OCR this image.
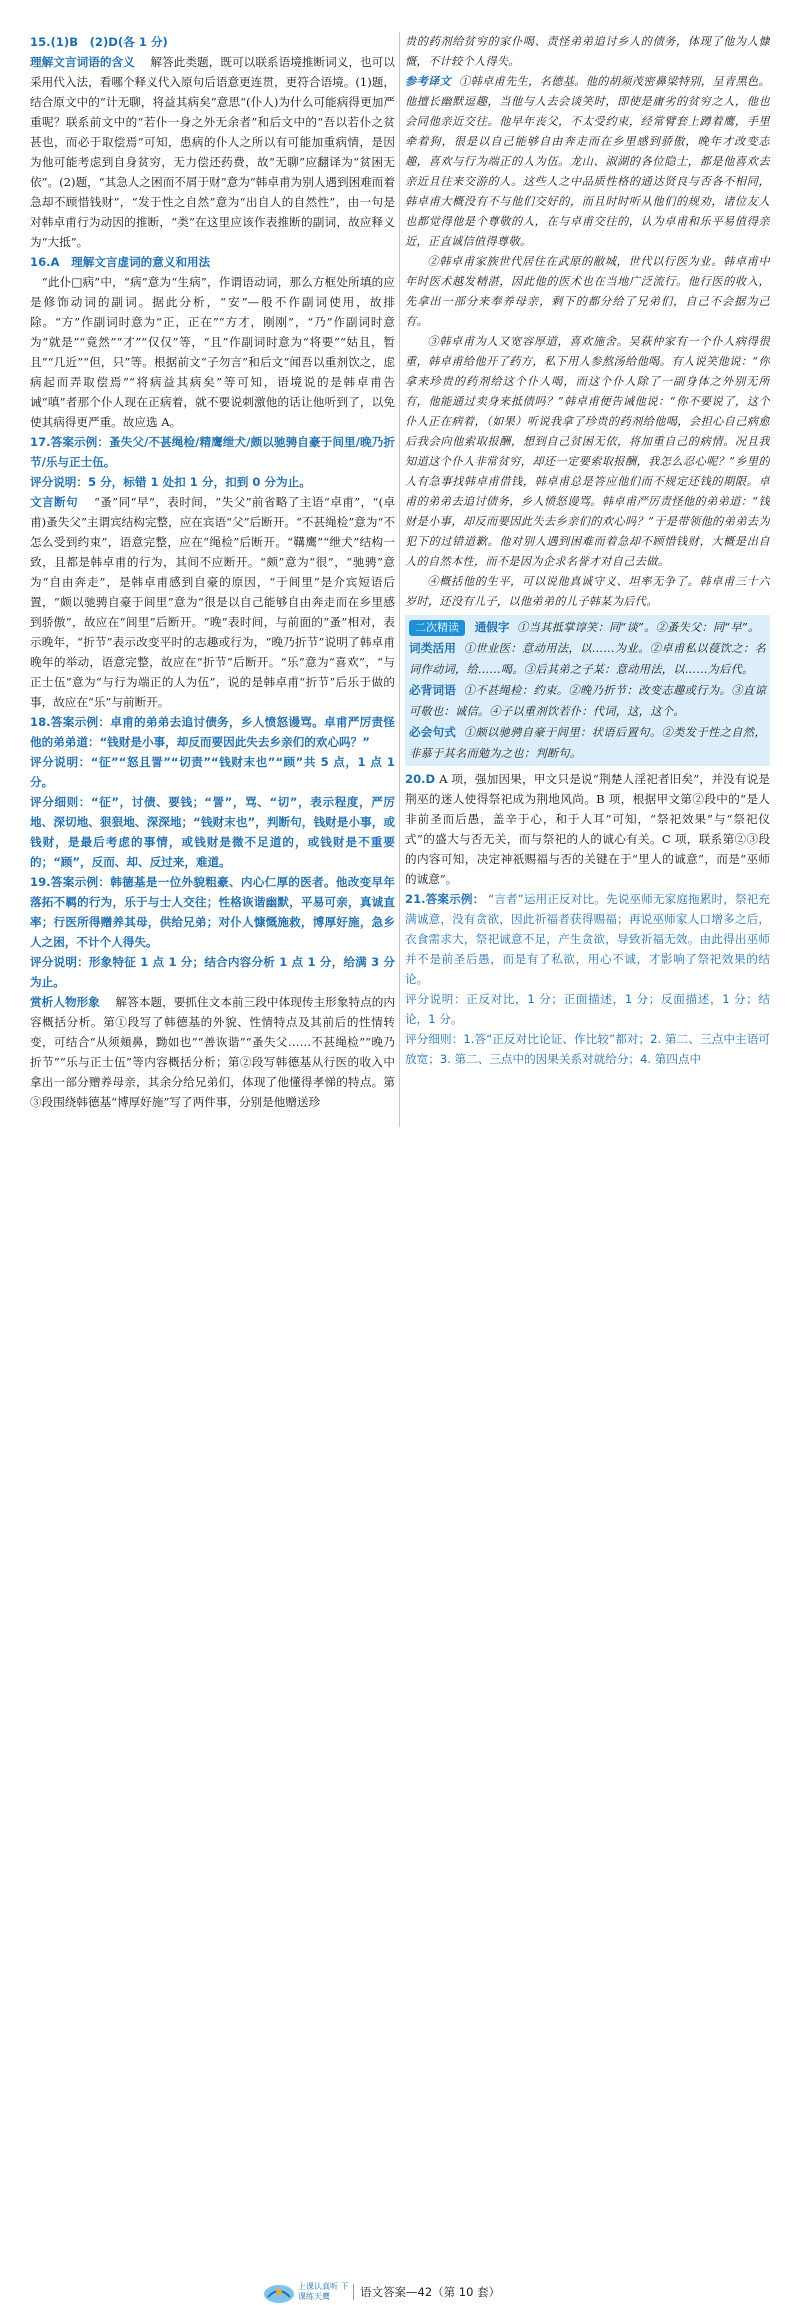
15.(1)B　(2)D(各 1 分)

理解文言词语的含义　解答此类题，既可以联系语境推断词义，也可以采用代入法，看哪个释义代入原句后语意更连贯，更符合语境。(1)题，结合原文中的“计无聊，将益其病矣”意思“(仆人)为什么可能病得更加严重呢？联系前文中的“若仆一身之外无余者”和后文中的“吾以若仆之贫甚也，而必于取偿焉”可知，患病的仆人之所以有可能加重病情，是因为他可能考虑到自身贫穷，无力偿还药费，故“无聊”应翻译为“贫困无依”。(2)题，“其急人之困而不屑于财”意为“韩卓甫为别人遇到困难而着急却不顾惜钱财”，“发于性之自然”意为“出自人的自然性”，由一句是对韩卓甫行为动因的推断，“类”在这里应该作表推断的副词，故应释义为“大抵”。

16.A　理解文言虚词的意义和用法

　“此仆□病”中，“病”意为“生病”，作谓语动词，那么方框处所填的应是修饰动词的副词。据此分析，“安”—般不作副词使用，故排除。“方”作副词时意为“正，正在”“方才，刚刚”，“乃”作副词时意为“就是”“竟然”“才”“仅仅”等，“且”作副词时意为“将要”“姑且，暂且”“几近”“但，只”等。根据前文“子勿言”和后文“闻吾以重剂饮之，虑病起而弄取偿焉”“将病益其病矣”等可知，语境说的是韩卓甫告诫“嗔”者那个仆人现在正病着，就不要说刺激他的话让他听到了，以免使其病得更严重。故应选 A。

17.答案示例：蚤失父/不甚绳检/精鹰绁犬/颇以驰骋自豪于间里/晚乃折节/乐与正士伍。

评分说明：5 分，标错 1 处扣 1 分，扣到 0 分为止。

文言断句　“蚤”同“早”，表时间，“失父”前省略了主语“卓甫”，“(卓甫)蚤失父”主谓宾结构完整，应在宾语“父”后断开。“不甚绳检”意为“不怎么受到约束”，语意完整，应在“绳检”后断开。“鞲鹰”“绁犬”结构一致，且都是韩卓甫的行为，其间不应断开。“颇”意为“很”，“驰骋”意为“自由奔走”，是韩卓甫感到自豪的原因，“于闾里”是介宾短语后置，“颇以驰骋自豪于闾里”意为“很是以自己能够自由奔走而在乡里感到骄傲”，故应在“闾里”后断开。“晚”表时间，与前面的“蚤”相对，表示晚年，“折节”表示改变平时的志趣或行为，“晚乃折节”说明了韩卓甫晚年的举动，语意完整，故应在“折节”后断开。“乐”意为“喜欢”，“与正士伍”意为“与行为端正的人为伍”，说的是韩卓甫“折节”后乐于做的事，故应在“乐”与前断开。

18.答案示例：卓甫的弟弟去追讨债务，乡人愤怒谩骂。卓甫严厉责怪他的弟弟道：“钱财是小事，却反而要因此失去乡亲们的欢心吗？”

评分说明：“征”“怒且詈”“切责”“钱财末也”“顾”共 5 点，1 点 1 分。

评分细则：“征”，讨债、要钱；“詈”，骂、“切”，表示程度，严厉地、深切地、狠狠地、深深地；“钱财末也”，判断句，钱财是小事，或钱财，是最后考虑的事情，或钱财是微不足道的，或钱财是不重要的；“顾”，反而、却、反过来，难道。

19.答案示例：韩德基是一位外貌粗豪、内心仁厚的医者。他改变早年落拓不羁的行为，乐于与士人交往；性格诙谐幽默，平易可亲，真诚直率；行医所得赠养其母，供给兄弟；对仆人慷慨施救，博厚好施，急乡人之困，不计个人得失。

评分说明：形象特征 1 点 1 分；结合内容分析 1 点 1 分，给满 3 分为止。

赏析人物形象　解答本题，要抓住文本前三段中体现传主形象特点的内容概括分析。第①段写了韩德基的外貌、性情特点及其前后的性情转变，可结合“从须頬鼻，黝如也”“善诙谐”“蚤失父……不甚绳检”“晚乃折节”“乐与正士伍”等内容概括分析；第②段写韩德基从行医的收入中拿出一部分赠养母亲，其余分给兄弟们，体现了他懂得孝悌的特点。第③段围绕韩德基“博厚好施”写了两件事，分别是他赠送珍

贵的药剂给贫穷的家仆喝、责怪弟弟追讨乡人的债务，体现了他为人慷慨，不计较个人得失。

参考译文 ①韩卓甫先生，名德基。他的胡须茂密鼻梁特别，呈青黑色。他擅长幽默逗趣，当他与人去会谈笑时，即使是庸劣的贫穷之人，他也会同他亲近交往。他早年丧父，不太受约束，经常臂套上蹲着鹰，手里牵着狗，很是以自己能够自由奔走而在乡里感到骄傲，晚年才改变志趣，喜欢与行为端正的人为伍。龙山、淑湖的各位隐士，都是他喜欢去亲近且往来交游的人。这些人之中品质性格的通达贤良与否各不相同，韩卓甫大概没有不与他们交好的，而且时时听从他们的规劝，诸位友人也都觉得他是个尊敬的人，在与卓甫交往的，认为卓甫和乐平易值得亲近，正直诚信值得尊敬。

②韩卓甫家族世代居住在武原的敝城，世代以行医为业。韩卓甫中年时医术越发精湛，因此他的医术也在当地广泛流行。他行医的收入，先拿出一部分来奉养母亲，剩下的都分给了兄弟们，自己不会据为己有。

③韩卓甫为人又宽容厚道，喜欢施舍。吴萩仲家有一个仆人病得很重，韩卓甫给他开了药方，私下用人参熬汤给他喝。有人说笑他说：“你拿来珍贵的药剂给这个仆人喝，而这个仆人除了一副身体之外别无所有，他能通过卖身来抵债吗？”韩卓甫便告诫他说：“你不要说了，这个仆人正在病着，（如果）听说我拿了珍贵的药剂给他喝，会担心自己病愈后我会向他索取报酬，想到自己贫困无依，将加重自己的病情。况且我知道这个仆人非常贫穷，却还一定要索取报酬，我怎么忍心呢？”乡里的人有急事找韩卓甫借钱，韩卓甫总是答应他们而不规定还钱的期限。卓甫的弟弟去追讨债务，乡人愤怒谩骂。韩卓甫严厉责怪他的弟弟道：“钱财是小事，却反而要因此失去乡亲们的欢心吗？”于是带领他的弟弟去为犯下的过错道歉。他对别人遇到困难而着急却不顾惜钱财，大概是出自人的自然本性，而不是因为企求名誉才对自己去做。

④概括他的生平，可以说他真诚守义、坦率无争了。韩卓甫三十六岁时，还没有儿子，以他弟弟的儿子韩某为后代。

二次精读 通假字 ①当其抵掌谆笑：同“谈”。②蚤失父：同“早”。
词类活用 ①世业医：意动用法，以……为业。②卓甫私以葠饮之：名词作动词，给……喝。③后其弟之子某：意动用法，以……为后代。
必背词语 ①不甚绳检：约束。②晚乃折节：改变志趣或行为。③直谅可敬也：诚信。④子以重剂饮若仆：代词，这，这个。
必会句式 ①颇以驰骋自豪于闾里：状语后置句。②类发于性之自然，非慕于其名而勉为之也：判断句。

20.D A 项，强加因果，甲文只是说“荆楚人淫祀者旧矣”，并没有说是荆巫的迷人使得祭祀成为荆地风尚。B 项，根据甲文第②段中的“是人非前圣而后愚，盖辛于心，和于人耳”可知，“祭祀效果”与“祭祀仪式”的盛大与否无关，而与祭祀的人的诚心有关。C 项，联系第②③段的内容可知，决定神祇赐福与否的关键在于“里人的诚意”，而是“巫师的诚意”。

21.答案示例： “言者”运用正反对比。先说巫师无家庭拖累时，祭祀充满诚意，没有贪欲，因此祈福者获得赐福；再说巫师家人口增多之后，衣食需求大，祭祀诚意不足，产生贪欲，导致祈福无效。由此得出巫师并不是前圣后愚，而是有了私欲，用心不诚，才影响了祭祀效果的结论。

评分说明：正反对比，1 分；正面描述，1 分；反面描述，1 分；结论，1 分。

评分细则：1.答“正反对比论证、作比较”都对；2. 第二、三点中主语可放宽；3. 第二、三点中的因果关系对就给分；4. 第四点中

上课认真听 下课练天鹰	语文答案—42（第 10 套）
